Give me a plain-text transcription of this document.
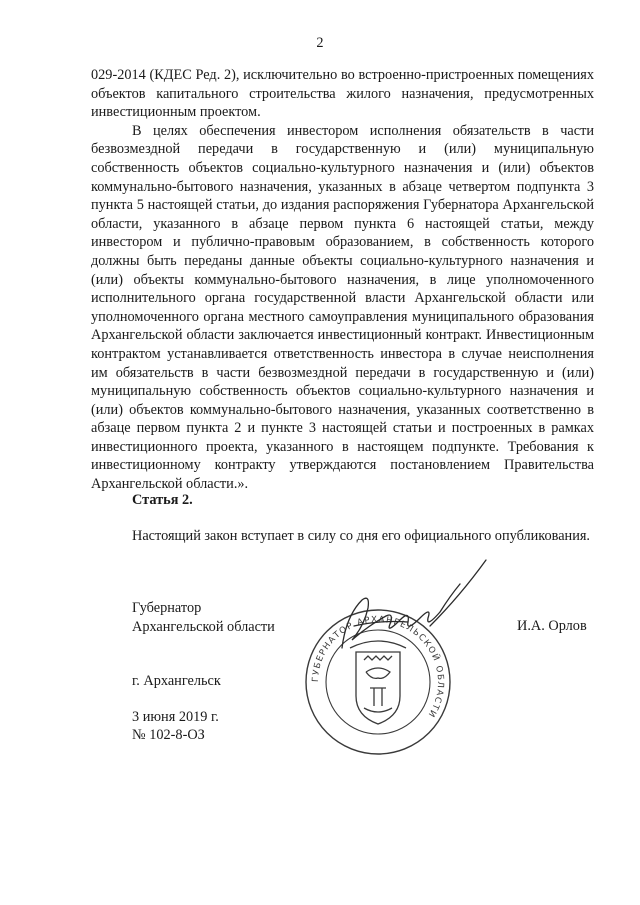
2

029-2014 (КДЕС Ред. 2), исключительно во встроенно-пристроенных помещениях объектов капитального строительства жилого назначения, предусмотренных инвестиционным проектом.

В целях обеспечения инвестором исполнения обязательств в части безвозмездной передачи в государственную и (или) муниципальную собственность объектов социально-культурного назначения и (или) объектов коммунально-бытового назначения, указанных в абзаце четвертом подпункта 3 пункта 5 настоящей статьи, до издания распоряжения Губернатора Архангельской области, указанного в абзаце первом пункта 6 настоящей статьи, между инвестором и публично-правовым образованием, в собственность которого должны быть переданы данные объекты социально-культурного назначения и (или) объекты коммунально-бытового назначения, в лице уполномоченного исполнительного органа государственной власти Архангельской области или уполномоченного органа местного самоуправления муниципального образования Архангельской области заключается инвестиционный контракт. Инвестиционным контрактом устанавливается ответственность инвестора в случае неисполнения им обязательств в части безвозмездной передачи в государственную и (или) муниципальную собственность объектов социально-культурного назначения и (или) объектов коммунально-бытового назначения, указанных соответственно в абзаце первом пункта 2 и пункте 3 настоящей статьи и построенных в рамках инвестиционного проекта, указанного в настоящем подпункте. Требования к инвестиционному контракту утверждаются постановлением Правительства Архангельской области.».

Статья 2.

Настоящий закон вступает в силу со дня его официального опубликования.

Губернатор
Архангельской области	И.А. Орлов
г. Архангельск
3 июня 2019 г.
№ 102-8-ОЗ
ГУБЕРНАТОР АРХАНГЕЛЬСКОЙ ОБЛАСТИ
